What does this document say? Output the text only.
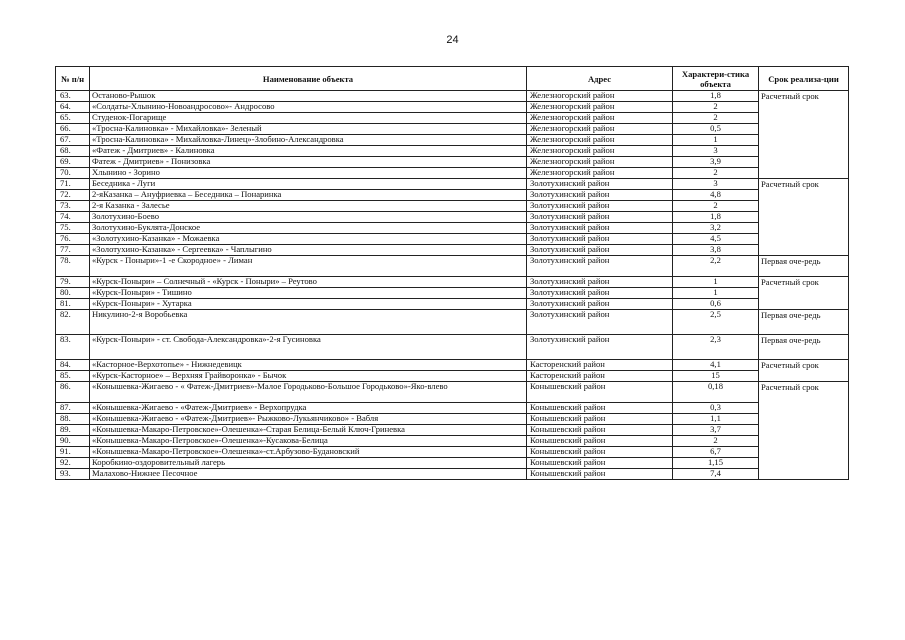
24
№ п/н	Наименование объекта	Адрес	Характери-стика объекта	Срок реализа-ции
63.	Останово-Рышок	Железногорский район	1,8	Расчетный срок
64.	«Солдаты-Хлынино-Новоандросово»- Андросово	Железногорский район	2	
65.	Студенок-Погарище	Железногорский район	2	
66.	«Тросна-Калиновка» - Михайловка»- Зеленый	Железногорский район	0,5	
67.	«Тросна-Калиновка» - Михайловка-Линец»-Злобино-Александровка	Железногорский район	1	
68.	«Фатеж - Дмитриев» - Калиновка	Железногорский район	3	
69.	Фатеж - Дмитриев» - Понизовка	Железногорский район	3,9	
70.	Хлынино - Зорино	Железногорский район	2	
71.	Беседника - Луги	Золотухинский район	3	Расчетный срок
72.	2-яКазанка – Ануфриевка – Беседника – Понаринка	Золотухинский район	4,8	
73.	2-я Казанка - Залесье	Золотухинский район	2	
74.	Золотухино-Боево	Золотухинский район	1,8	
75.	Золотухино-Буклята-Донское	Золотухинский район	3,2	
76.	«Золотухино-Казанка» - Можаевка	Золотухинский район	4,5	
77.	«Золотухино-Казанка» - Сергеевка» - Чаплыгино	Золотухинский район	3,8	
78.	«Курск - Поныри»-1 -е Скородное» - Лиман	Золотухинский район	2,2	Первая оче-редь
79.	«Курск-Поныри» – Солнечный - «Курск - Поныри» – Реутово	Золотухинский район	1	Расчетный срок
80.	«Курск-Поныри» - Тишино	Золотухинский район	1	
81.	«Курск-Поныри» - Хутарка	Золотухинский район	0,6	
82.	Никулино-2-я Воробьевка	Золотухинский район	2,5	Первая оче-редь
83.	«Курск-Поныри» - ст. Свобода-Александровка»-2-я Гусиновка	Золотухинский район	2,3	Первая оче-редь
84.	«Касторное-Верхотопье» - Нижнедевицк	Касторенский район	4,1	Расчетный срок
85.	«Курск-Касторное» – Верхняя Грайворонка» - Бычок	Касторенский район	15	
86.	«Конышевка-Жигаево - « Фатеж-Дмитриев»-Малое Городьково-Большое Городьково»-Яко-влево	Конышевский район	0,18	Расчетный срок
87.	«Конышевка-Жигаево - «Фатеж-Дмитриев» - Верхопрудка	Конышевский район	0,3	
88.	«Конышевка-Жигаево - «Фатеж-Дмитриев»- Рыжково-Лукьянчиково» - Вабля	Конышевский район	1,1	
89.	«Конышевка-Макаро-Петровское»-Олешенка»-Старая Белица-Белый Ключ-Гриневка	Конышевский район	3,7	
90.	«Конышевка-Макаро-Петровское»-Олешенка»-Кусакова-Белица	Конышевский район	2	
91.	«Конышевка-Макаро-Петровское»-Олешенка»-ст.Арбузово-Будановский	Конышевский район	6,7	
92.	Коробкино-оздоровительный лагерь	Конышевский район	1,15	
93.	Малахово-Нижнее Песочное	Конышевский район	7,4	
